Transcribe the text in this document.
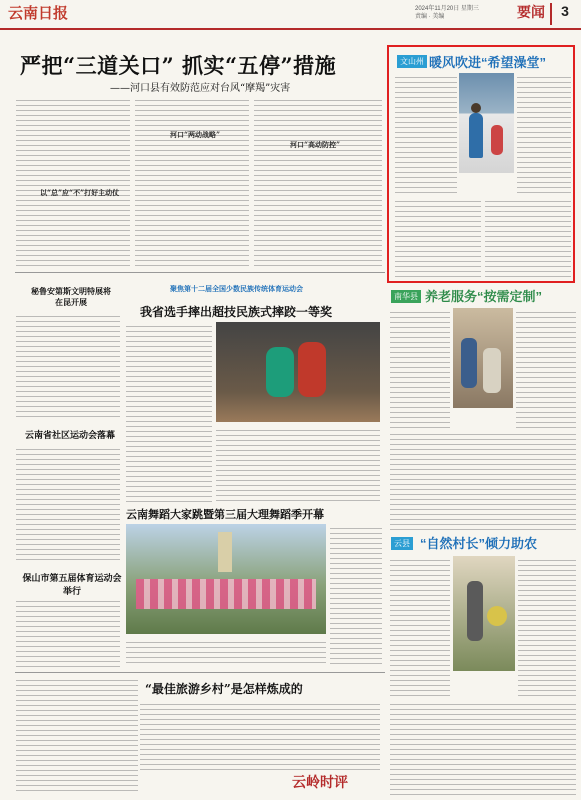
云南日报	2024年11月20日 星期三
责编 · 美编	要闻	3
严把“三道关口” 抓实“五停”措施
——河口县有效防范应对台风“摩羯”灾害
以“总”应“不”打好主动仗
河口“两动战略”
河口“高动防控”
文山州 暖风吹进“希望澡堂”
南华县 养老服务“按需定制”
云县 “自然村长”倾力助农
秘鲁安第斯文明特展将在昆开展
云南省社区运动会落幕
保山市第五届体育运动会举行
聚焦第十二届全国少数民族传统体育运动会
我省选手摔出超技民族式摔跤一等奖
云南舞蹈大家跳暨第三届大理舞蹈季开幕
“最佳旅游乡村”是怎样炼成的
云岭时评
